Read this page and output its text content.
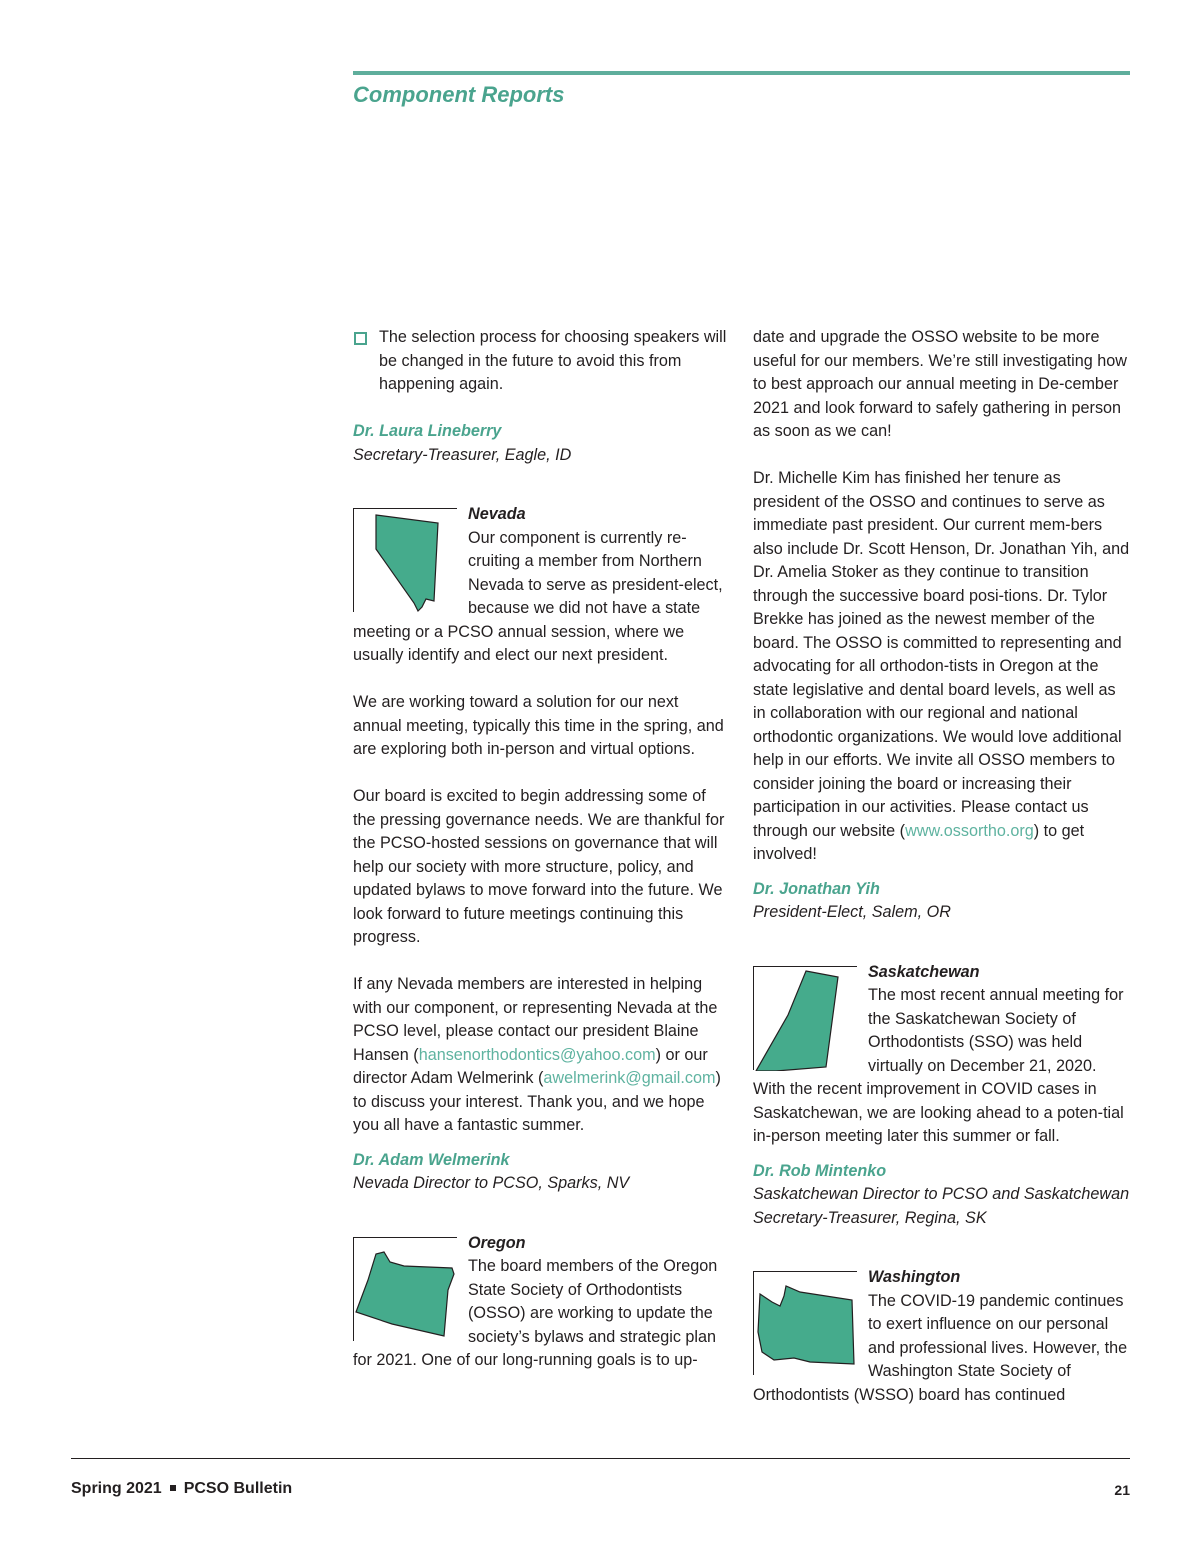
Component Reports
The selection process for choosing speakers will be changed in the future to avoid this from happening again.
Dr. Laura Lineberry
Secretary-Treasurer, Eagle, ID

Nevada
Our component is currently re-cruiting a member from Northern Nevada to serve as president-elect, because we did not have a state meeting or a PCSO annual session, where we usually identify and elect our next president.

We are working toward a solution for our next annual meeting, typically this time in the spring, and are exploring both in-person and virtual options.

Our board is excited to begin addressing some of the pressing governance needs. We are thankful for the PCSO-hosted sessions on governance that will help our society with more structure, policy, and updated bylaws to move forward into the future. We look forward to future meetings continuing this progress.

If any Nevada members are interested in helping with our component, or representing Nevada at the PCSO level, please contact our president Blaine Hansen (hansenorthodontics@yahoo.com) or our director Adam Welmerink (awelmerink@gmail.com) to discuss your interest. Thank you, and we hope you all have a fantastic summer.

Dr. Adam Welmerink
Nevada Director to PCSO, Sparks, NV

Oregon
The board members of the Oregon State Society of Orthodontists (OSSO) are working to update the society’s bylaws and strategic plan for 2021. One of our long-running goals is to up-

date and upgrade the OSSO website to be more useful for our members. We’re still investigating how to best approach our annual meeting in De-cember 2021 and look forward to safely gathering in person as soon as we can!

Dr. Michelle Kim has finished her tenure as president of the OSSO and continues to serve as immediate past president. Our current mem-bers also include Dr. Scott Henson, Dr. Jonathan Yih, and Dr. Amelia Stoker as they continue to transition through the successive board posi-tions. Dr. Tylor Brekke has joined as the newest member of the board. The OSSO is committed to representing and advocating for all orthodon-tists in Oregon at the state legislative and dental board levels, as well as in collaboration with our regional and national orthodontic organizations. We would love additional help in our efforts. We invite all OSSO members to consider joining the board or increasing their participation in our activities. Please contact us through our website (www.ossortho.org) to get involved!

Dr. Jonathan Yih
President-Elect, Salem, OR

Saskatchewan
The most recent annual meeting for the Saskatchewan Society of Orthodontists (SSO) was held virtually on December 21, 2020. With the recent improvement in COVID cases in Saskatchewan, we are looking ahead to a poten-tial in-person meeting later this summer or fall.

Dr. Rob Mintenko
Saskatchewan Director to PCSO and Saskatchewan Secretary-Treasurer, Regina, SK

Washington
The COVID-19 pandemic continues to exert influence on our personal and professional lives. However, the Washington State Society of Orthodontists (WSSO) board has continued

Spring 2021 PCSO Bulletin	21
